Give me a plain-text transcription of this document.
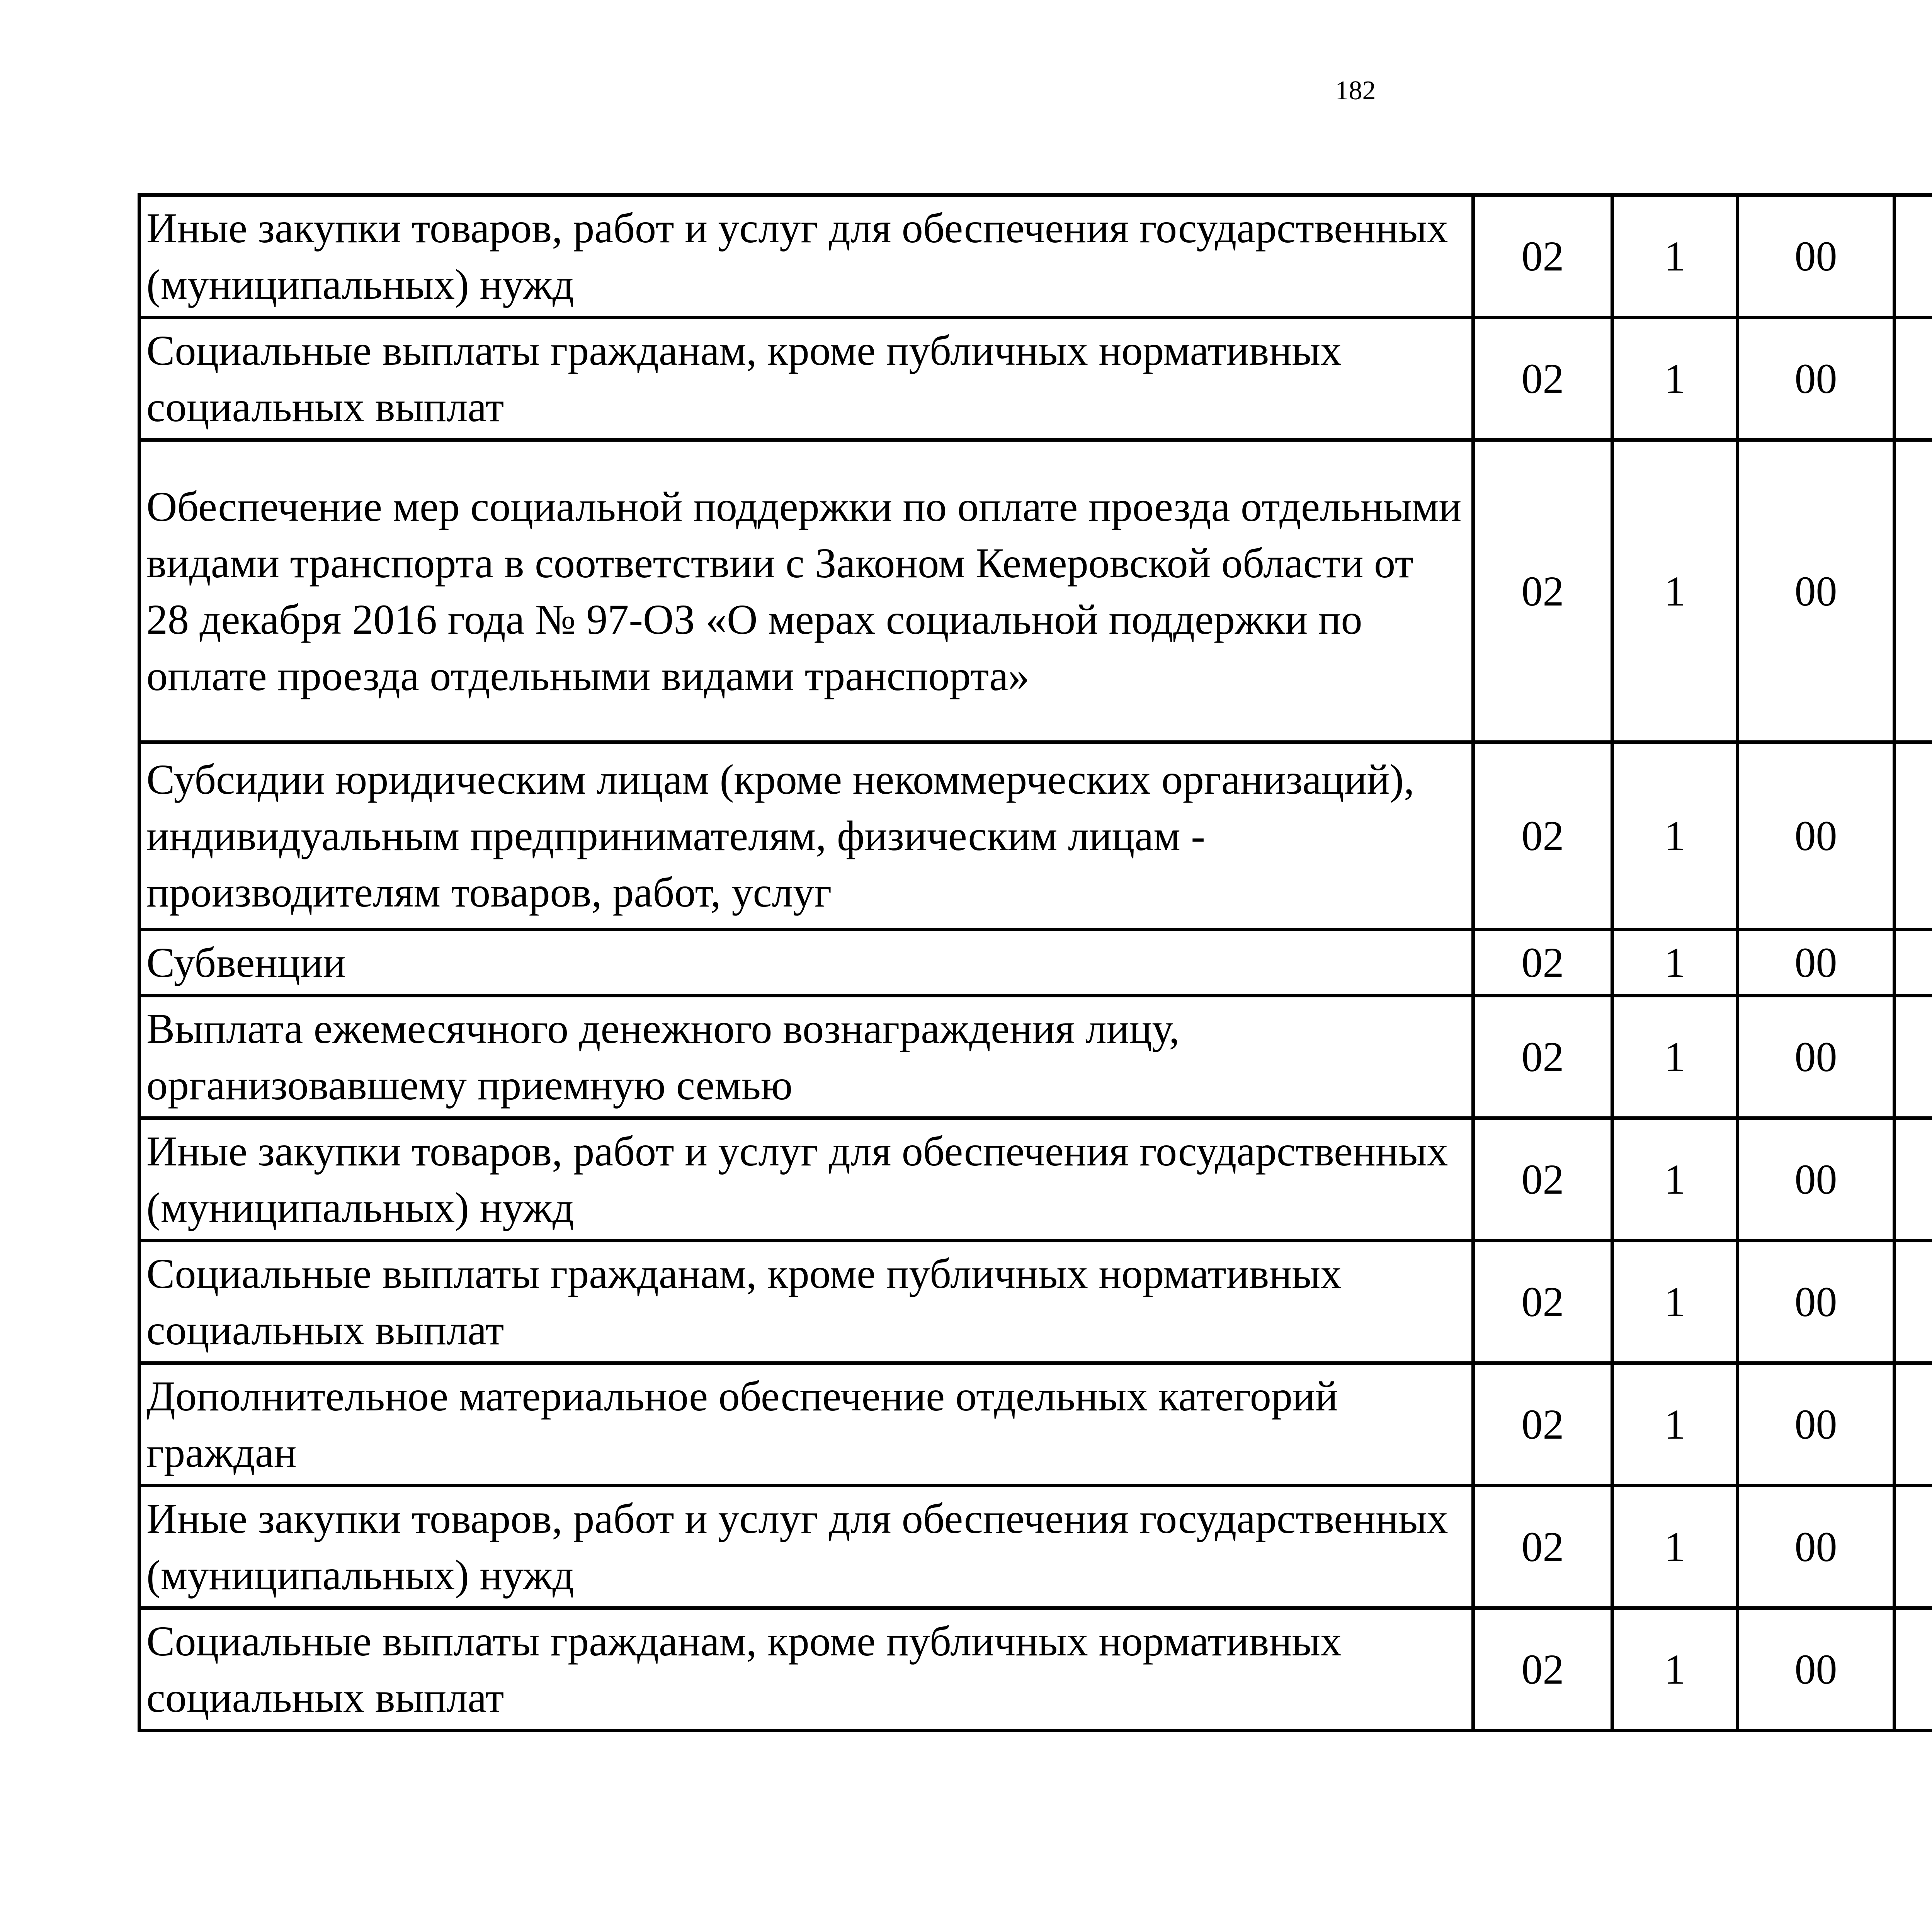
182
Иные закупки товаров, работ и услуг для обеспечения государственных (муниципальных) нужд	02	1	00			
Социальные выплаты гражданам, кроме публичных нормативных социальных выплат	02	1	00			
Обеспечение мер социальной поддержки по оплате проезда отдельными видами транспорта в соответствии с Законом Кемеровской области от 28 декабря 2016 года № 97-ОЗ «О мерах социальной поддержки по оплате проезда отдельными видами транспорта»	02	1	00			
Субсидии юридическим лицам (кроме некоммерческих организаций), индивидуальным предпринимателям, физическим лицам - производителям товаров, работ, услуг	02	1	00			
Субвенции	02	1	00			
Выплата ежемесячного денежного вознаграждения лицу, организовавшему приемную семью	02	1	00			
Иные закупки товаров, работ и услуг для обеспечения государственных (муниципальных) нужд	02	1	00			
Социальные выплаты гражданам, кроме публичных нормативных социальных выплат	02	1	00			
Дополнительное материальное обеспечение отдельных категорий граждан	02	1	00			
Иные закупки товаров, работ и услуг для обеспечения государственных (муниципальных) нужд	02	1	00			
Социальные выплаты гражданам, кроме публичных нормативных социальных выплат	02	1	00			
